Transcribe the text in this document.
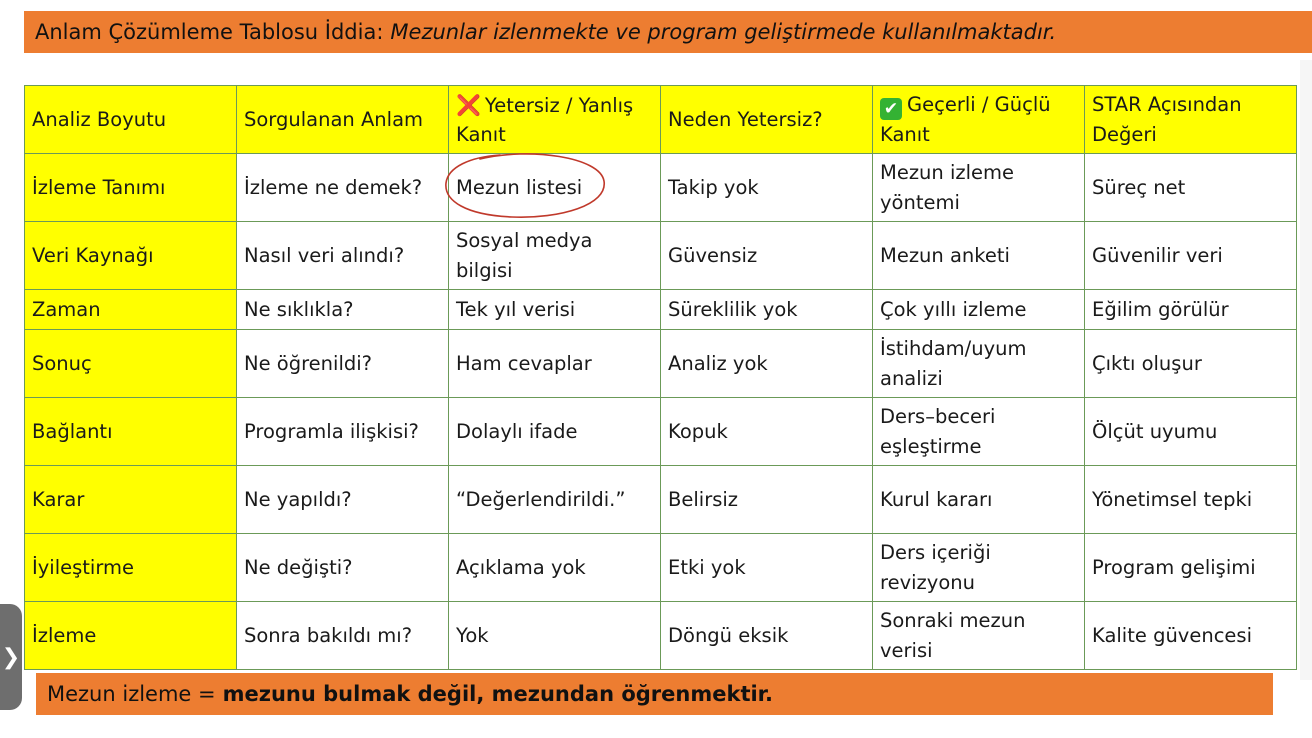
Anlam Çözümleme Tablosu İddia: Mezunlar izlenmekte ve program geliştirmede kullanılmaktadır.
Analiz Boyutu	Sorgulanan Anlam	❌ Yetersiz / Yanlış Kanıt	Neden Yetersiz?	✔ Geçerli / Güçlü Kanıt	STAR Açısından Değeri
İzleme Tanımı	İzleme ne demek?	Mezun listesi	Takip yok	Mezun izleme yöntemi	Süreç net
Veri Kaynağı	Nasıl veri alındı?	Sosyal medya bilgisi	Güvensiz	Mezun anketi	Güvenilir veri
Zaman	Ne sıklıkla?	Tek yıl verisi	Süreklilik yok	Çok yıllı izleme	Eğilim görülür
Sonuç	Ne öğrenildi?	Ham cevaplar	Analiz yok	İstihdam/uyum analizi	Çıktı oluşur
Bağlantı	Programla ilişkisi?	Dolaylı ifade	Kopuk	Ders–beceri eşleştirme	Ölçüt uyumu
Karar	Ne yapıldı?	“Değerlendirildi.”	Belirsiz	Kurul kararı	Yönetimsel tepki
İyileştirme	Ne değişti?	Açıklama yok	Etki yok	Ders içeriği revizyonu	Program gelişimi
İzleme	Sonra bakıldı mı?	Yok	Döngü eksik	Sonraki mezun verisi	Kalite güvencesi
Mezun izleme = mezunu bulmak değil, mezundan öğrenmektir.
❯
